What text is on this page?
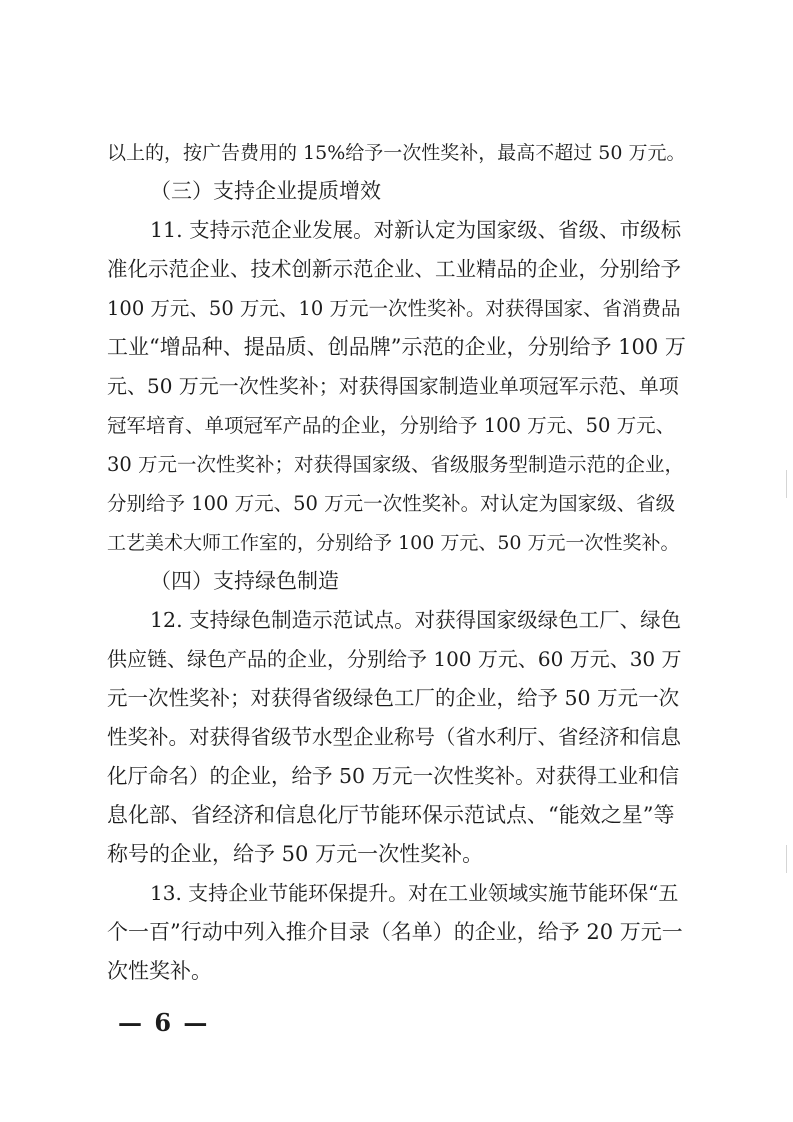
以上的，按广告费用的 15%给予一次性奖补，最高不超过 50 万元。
（三）支持企业提质增效
11. 支持示范企业发展。对新认定为国家级、省级、市级标
准化示范企业、技术创新示范企业、工业精品的企业，分别给予
100 万元、50 万元、10 万元一次性奖补。对获得国家、省消费品
工业“增品种、提品质、创品牌”示范的企业，分别给予 100 万
元、50 万元一次性奖补；对获得国家制造业单项冠军示范、单项
冠军培育、单项冠军产品的企业，分别给予 100 万元、50 万元、
30 万元一次性奖补；对获得国家级、省级服务型制造示范的企业，
分别给予 100 万元、50 万元一次性奖补。对认定为国家级、省级
工艺美术大师工作室的，分别给予 100 万元、50 万元一次性奖补。
（四）支持绿色制造
12. 支持绿色制造示范试点。对获得国家级绿色工厂、绿色
供应链、绿色产品的企业，分别给予 100 万元、60 万元、30 万
元一次性奖补；对获得省级绿色工厂的企业，给予 50 万元一次
性奖补。对获得省级节水型企业称号（省水利厅、省经济和信息
化厅命名）的企业，给予 50 万元一次性奖补。对获得工业和信
息化部、省经济和信息化厅节能环保示范试点、“能效之星”等
称号的企业，给予 50 万元一次性奖补。
13. 支持企业节能环保提升。对在工业领域实施节能环保“五
个一百”行动中列入推介目录（名单）的企业，给予 20 万元一
次性奖补。
— 6 —
